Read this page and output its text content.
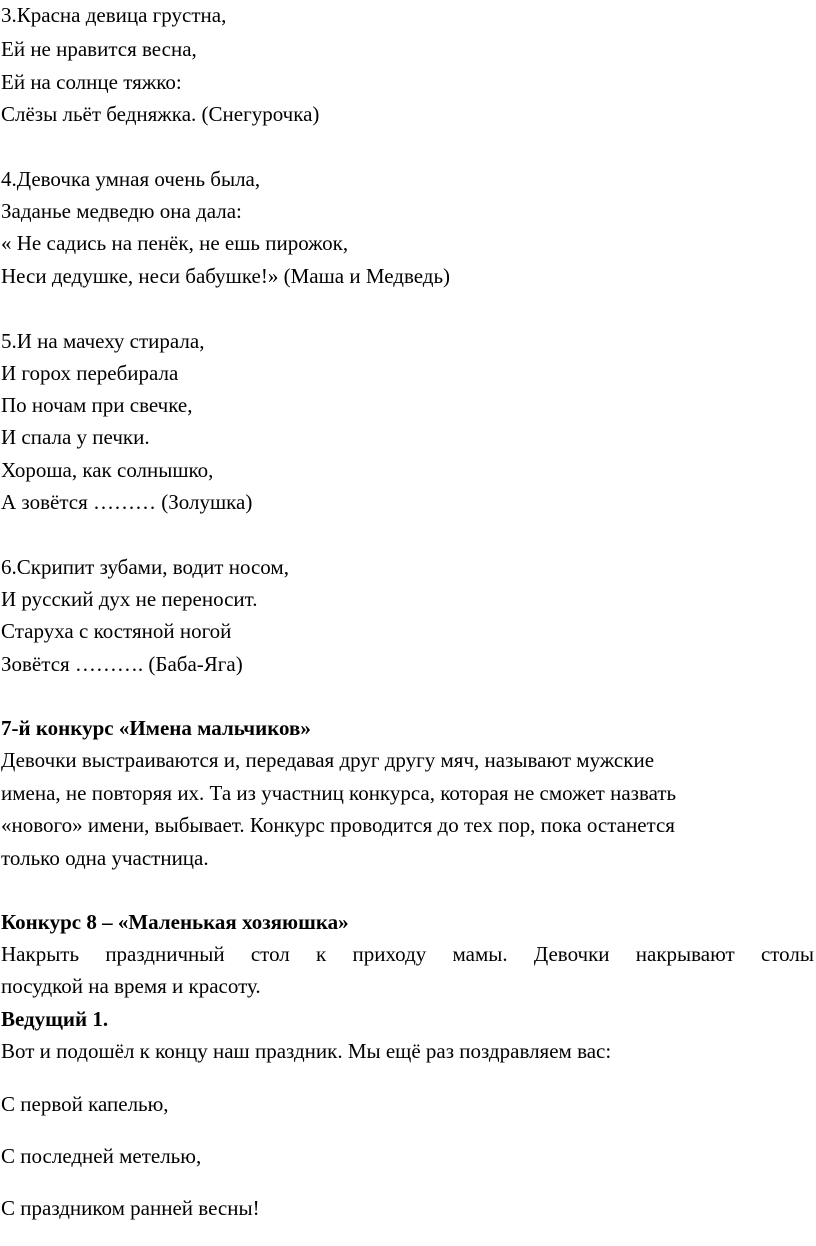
3.Красна девица грустна,
Ей не нравится весна,
Ей на солнце тяжко:
Слёзы льёт бедняжка. (Снегурочка)
4.Девочка умная очень была,
Заданье медведю она дала:
« Не садись на пенёк, не ешь пирожок,
Неси дедушке, неси бабушке!» (Маша и Медведь)
5.И на мачеху стирала,
И горох перебирала
По ночам при свечке,
И спала у печки.
Хороша, как солнышко,
А зовётся ……… (Золушка)
6.Скрипит зубами, водит носом,
И русский дух не переносит.
Старуха с костяной ногой
Зовётся ………. (Баба-Яга)
7-й конкурс «Имена мальчиков»
Девочки выстраиваются и, передавая друг другу мяч, называют мужские
имена, не повторяя их. Та из участниц конкурса, которая не сможет назвать
«нового» имени, выбывает. Конкурс проводится до тех пор, пока останется
только одна участница.
Конкурс 8 – «Маленькая хозяюшка»
Накрыть праздничный стол к приходу мамы. Девочки накрывают столы
посудкой на время и красоту.
Ведущий 1.
Вот и подошёл к концу наш праздник. Мы ещё раз поздравляем вас:
С первой капелью,
С последней метелью,
С праздником ранней весны!
